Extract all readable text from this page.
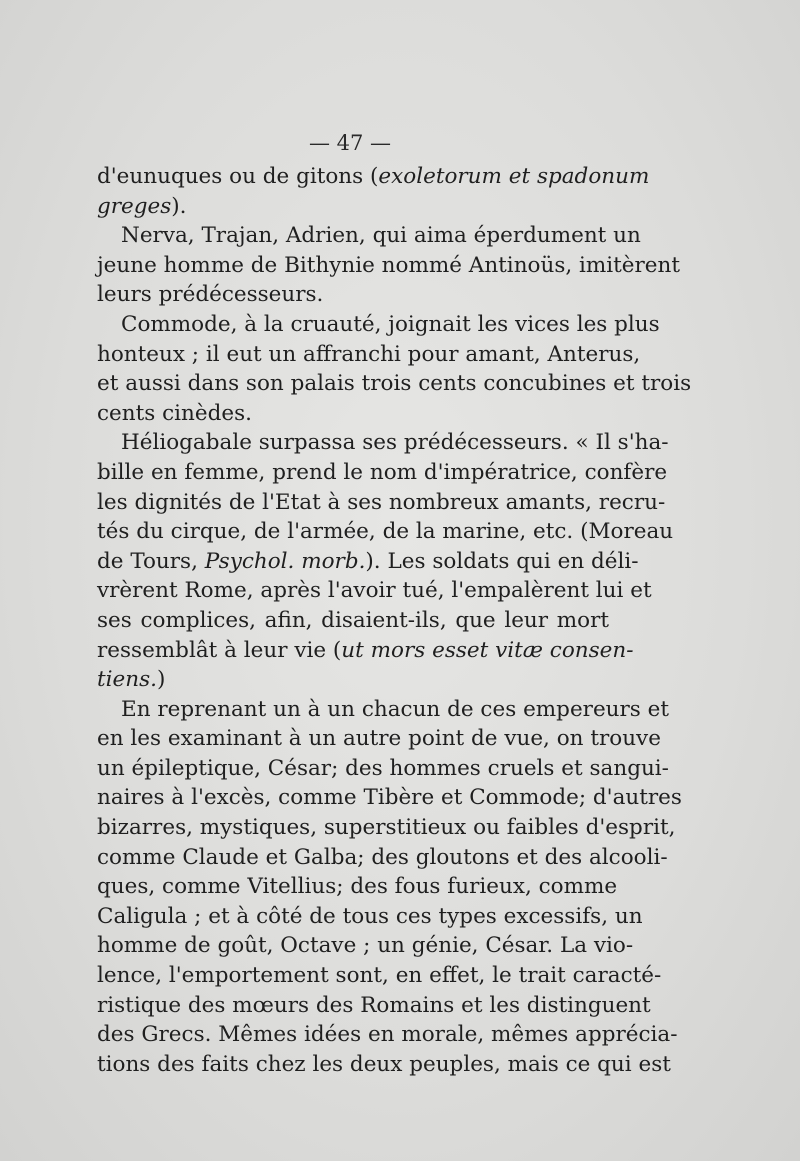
— 47 —
d'eunuques ou de gitons (exoletorum et spadonum
greges).
Nerva, Trajan, Adrien, qui aima éperdument un
jeune homme de Bithynie nommé Antinoüs, imitèrent
leurs prédécesseurs.
Commode, à la cruauté, joignait les vices les plus
honteux ; il eut un affranchi pour amant, Anterus,
et aussi dans son palais trois cents concubines et trois
cents cinèdes.
Héliogabale surpassa ses prédécesseurs. « Il s'ha-
bille en femme, prend le nom d'impératrice, confère
les dignités de l'Etat à ses nombreux amants, recru-
tés du cirque, de l'armée, de la marine, etc. (Moreau
de Tours, Psychol. morb.). Les soldats qui en déli-
vrèrent Rome, après l'avoir tué, l'empalèrent lui et
ses complices, afin, disaient-ils, que leur mort
ressemblât à leur vie (ut mors esset vitæ consen-
tiens.)
En reprenant un à un chacun de ces empereurs et
en les examinant à un autre point de vue, on trouve
un épileptique, César; des hommes cruels et sangui-
naires à l'excès, comme Tibère et Commode; d'autres
bizarres, mystiques, superstitieux ou faibles d'esprit,
comme Claude et Galba; des gloutons et des alcooli-
ques, comme Vitellius; des fous furieux, comme
Caligula ; et à côté de tous ces types excessifs, un
homme de goût, Octave ; un génie, César. La vio-
lence, l'emportement sont, en effet, le trait caracté-
ristique des mœurs des Romains et les distinguent
des Grecs. Mêmes idées en morale, mêmes apprécia-
tions des faits chez les deux peuples, mais ce qui est
